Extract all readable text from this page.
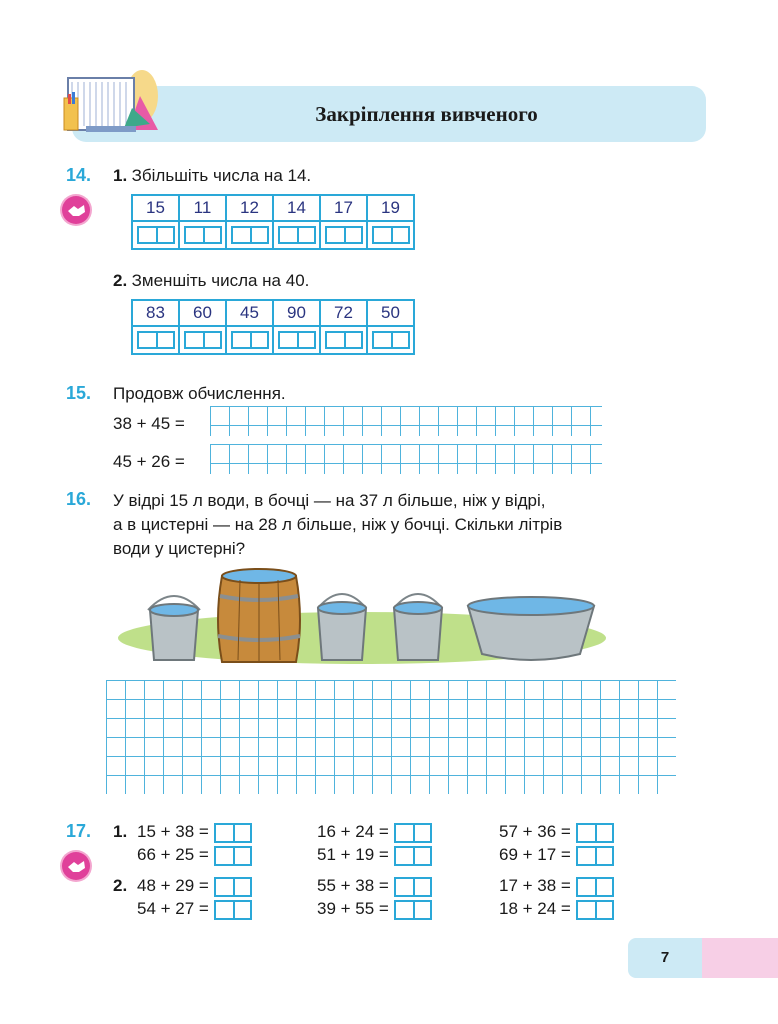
Закріплення вивченого
14. 1. Збільшіть числа на 14.
15	11	12	14	17	19

2. Зменшіть числа на 40.
83	60	45	90	72	50

15. Продовж обчислення.
38 + 45 =
45 + 26 =
16. У відрі 15 л води, в бочці — на 37 л більше, ніж у відрі,
а в цистерні — на 28 л більше, ніж у бочці. Скільки літрів
води у цистерні?
17. 1.
2.
15 + 38 =	16 + 24 =	57 + 36 =
66 + 25 =	51 + 19 =	69 + 17 =
48 + 29 =	55 + 38 =	17 + 38 =
54 + 27 =	39 + 55 =	18 + 24 =
7
